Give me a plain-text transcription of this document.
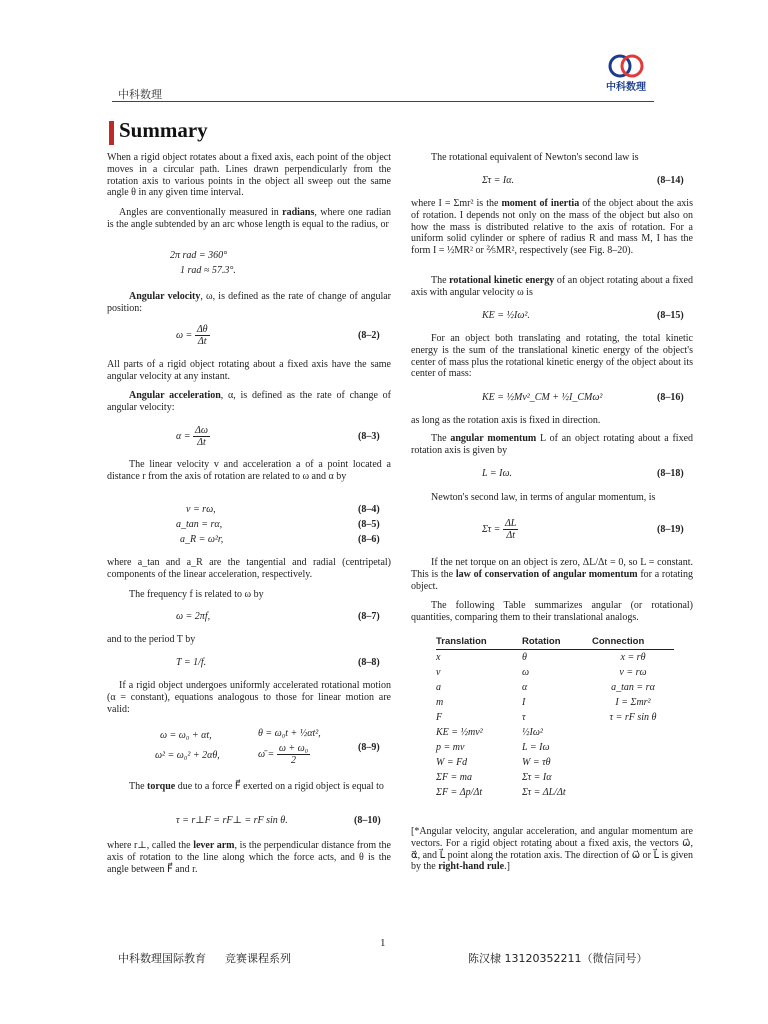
中科数理
中科数理
Summary
When a rigid object rotates about a fixed axis, each point of the object moves in a circular path. Lines drawn perpendicularly from the rotation axis to various points in the object all sweep out the same angle θ in any given time interval.
Angles are conventionally measured in radians, where one radian is the angle subtended by an arc whose length is equal to the radius, or
2π rad = 360°
1 rad ≈ 57.3°.
Angular velocity, ω, is defined as the rate of change of angular position:
$\omega = \frac{\Delta\theta}{\Delta t}$	(8–2)
All parts of a rigid object rotating about a fixed axis have the same angular velocity at any instant.
Angular acceleration, α, is defined as the rate of change of angular velocity:
$\alpha = \frac{\Delta\omega}{\Delta t}$	(8–3)
The linear velocity v and acceleration a of a point located a distance r from the axis of rotation are related to ω and α by
v = rω,	(8–4)
a_tan = rα,	(8–5)
a_R = ω²r,	(8–6)
where a_tan and a_R are the tangential and radial (centripetal) components of the linear acceleration, respectively.
The frequency f is related to ω by
ω = 2πf,	(8–7)
and to the period T by
T = 1/f.	(8–8)
If a rigid object undergoes uniformly accelerated rotational motion (α = constant), equations analogous to those for linear motion are valid:
ω = ω₀ + αt,	θ = ω₀t + ½αt²,
ω² = ω₀² + 2αθ,	ω̄ = $\frac{\text{ω + ω₀}}{2}$	(8–9)
The torque due to a force F⃗ exerted on a rigid object is equal to
τ = r⊥F = rF⊥ = rF sin θ.	(8–10)
where r⊥, called the lever arm, is the perpendicular distance from the axis of rotation to the line along which the force acts, and θ is the angle between F⃗ and r.
The rotational equivalent of Newton's second law is
Στ = Iα.	(8–14)
where I = Σmr² is the moment of inertia of the object about the axis of rotation. I depends not only on the mass of the object but also on how the mass is distributed relative to the axis of rotation. For a uniform solid cylinder or sphere of radius R and mass M, I has the form I = ½MR² or ⅖MR², respectively (see Fig. 8–20).
The rotational kinetic energy of an object rotating about a fixed axis with angular velocity ω is
KE = ½Iω².	(8–15)
For an object both translating and rotating, the total kinetic energy is the sum of the translational kinetic energy of the object's center of mass plus the rotational kinetic energy of the object about its center of mass:
KE = ½Mv²_CM + ½I_CMω²	(8–16)
as long as the rotation axis is fixed in direction.
The angular momentum L of an object rotating about a fixed rotation axis is given by
L = Iω.	(8–18)
Newton's second law, in terms of angular momentum, is
$\Sigma\tau = \frac{\Delta L}{\Delta t}$	(8–19)
If the net torque on an object is zero, ΔL/Δt = 0, so L = constant. This is the law of conservation of angular momentum for a rotating object.
The following Table summarizes angular (or rotational) quantities, comparing them to their translational analogs.
Translation	Rotation	Connection
x	θ	x = rθ
v	ω	v = rω
a	α	a_tan = rα
m	I	I = Σmr²
F	τ	τ = rF sin θ
KE = ½mv²	½Iω²	
p = mv	L = Iω	
W = Fd	W = τθ	
ΣF = ma	Στ = Iα	
ΣF = Δp/Δt	Στ = ΔL/Δt	
[*Angular velocity, angular acceleration, and angular momentum are vectors. For a rigid object rotating about a fixed axis, the vectors ω⃗, α⃗, and L⃗ point along the rotation axis. The direction of ω⃗ or L⃗ is given by the right-hand rule.]
1
中科数理国际教育 竞赛课程系列	陈汉棣 13120352211（微信同号）
